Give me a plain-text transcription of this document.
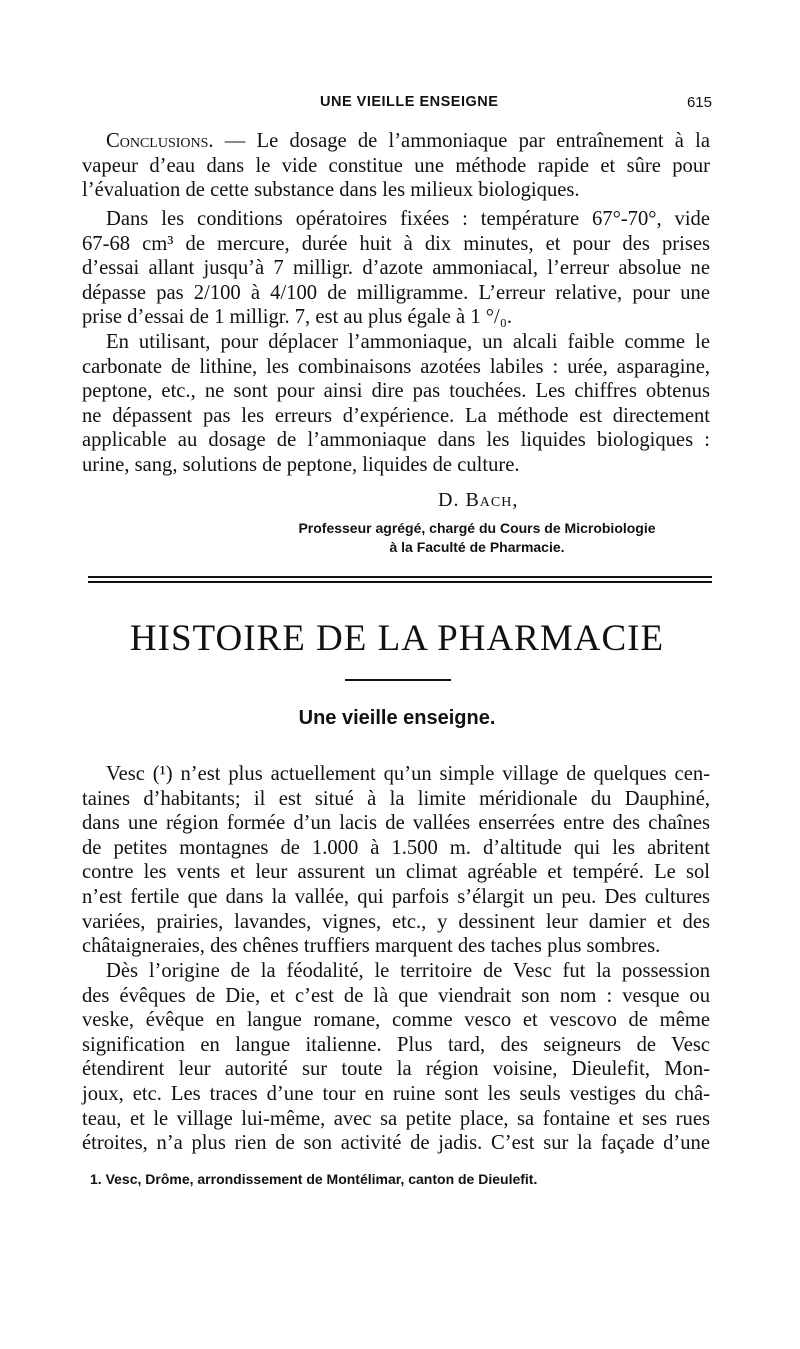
UNE VIEILLE ENSEIGNE	615

Conclusions. — Le dosage de l’ammoniaque par entraînement à la
vapeur d’eau dans le vide constitue une méthode rapide et sûre pour
l’évaluation de cette substance dans les milieux biologiques.

Dans les conditions opératoires fixées : température 67°-70°, vide
67-68 cm³ de mercure, durée huit à dix minutes, et pour des prises
d’essai allant jusqu’à 7 milligr. d’azote ammoniacal, l’erreur absolue ne
dépasse pas 2/100 à 4/100 de milligramme. L’erreur relative, pour une
prise d’essai de 1 milligr. 7, est au plus égale à 1 °/₀.

En utilisant, pour déplacer l’ammoniaque, un alcali faible comme le
carbonate de lithine, les combinaisons azotées labiles : urée, asparagine,
peptone, etc., ne sont pour ainsi dire pas touchées. Les chiffres obtenus
ne dépassent pas les erreurs d’expérience. La méthode est directement
applicable au dosage de l’ammoniaque dans les liquides biologiques :
urine, sang, solutions de peptone, liquides de culture.

D. Bach,
Professeur agrégé, chargé du Cours de Microbiologie
à la Faculté de Pharmacie.
HISTOIRE DE LA PHARMACIE
Une vieille enseigne.

Vesc (¹) n’est plus actuellement qu’un simple village de quelques cen-
taines d’habitants; il est situé à la limite méridionale du Dauphiné,
dans une région formée d’un lacis de vallées enserrées entre des chaînes
de petites montagnes de 1.000 à 1.500 m. d’altitude qui les abritent
contre les vents et leur assurent un climat agréable et tempéré. Le sol
n’est fertile que dans la vallée, qui parfois s’élargit un peu. Des cultures
variées, prairies, lavandes, vignes, etc., y dessinent leur damier et des
châtaigneraies, des chênes truffiers marquent des taches plus sombres.

Dès l’origine de la féodalité, le territoire de Vesc fut la possession
des évêques de Die, et c’est de là que viendrait son nom : vesque ou
veske, évêque en langue romane, comme vesco et vescovo de même
signification en langue italienne. Plus tard, des seigneurs de Vesc
étendirent leur autorité sur toute la région voisine, Dieulefit, Mon-
joux, etc. Les traces d’une tour en ruine sont les seuls vestiges du châ-
teau, et le village lui-même, avec sa petite place, sa fontaine et ses rues
étroites, n’a plus rien de son activité de jadis. C’est sur la façade d’une

1. Vesc, Drôme, arrondissement de Montélimar, canton de Dieulefit.
